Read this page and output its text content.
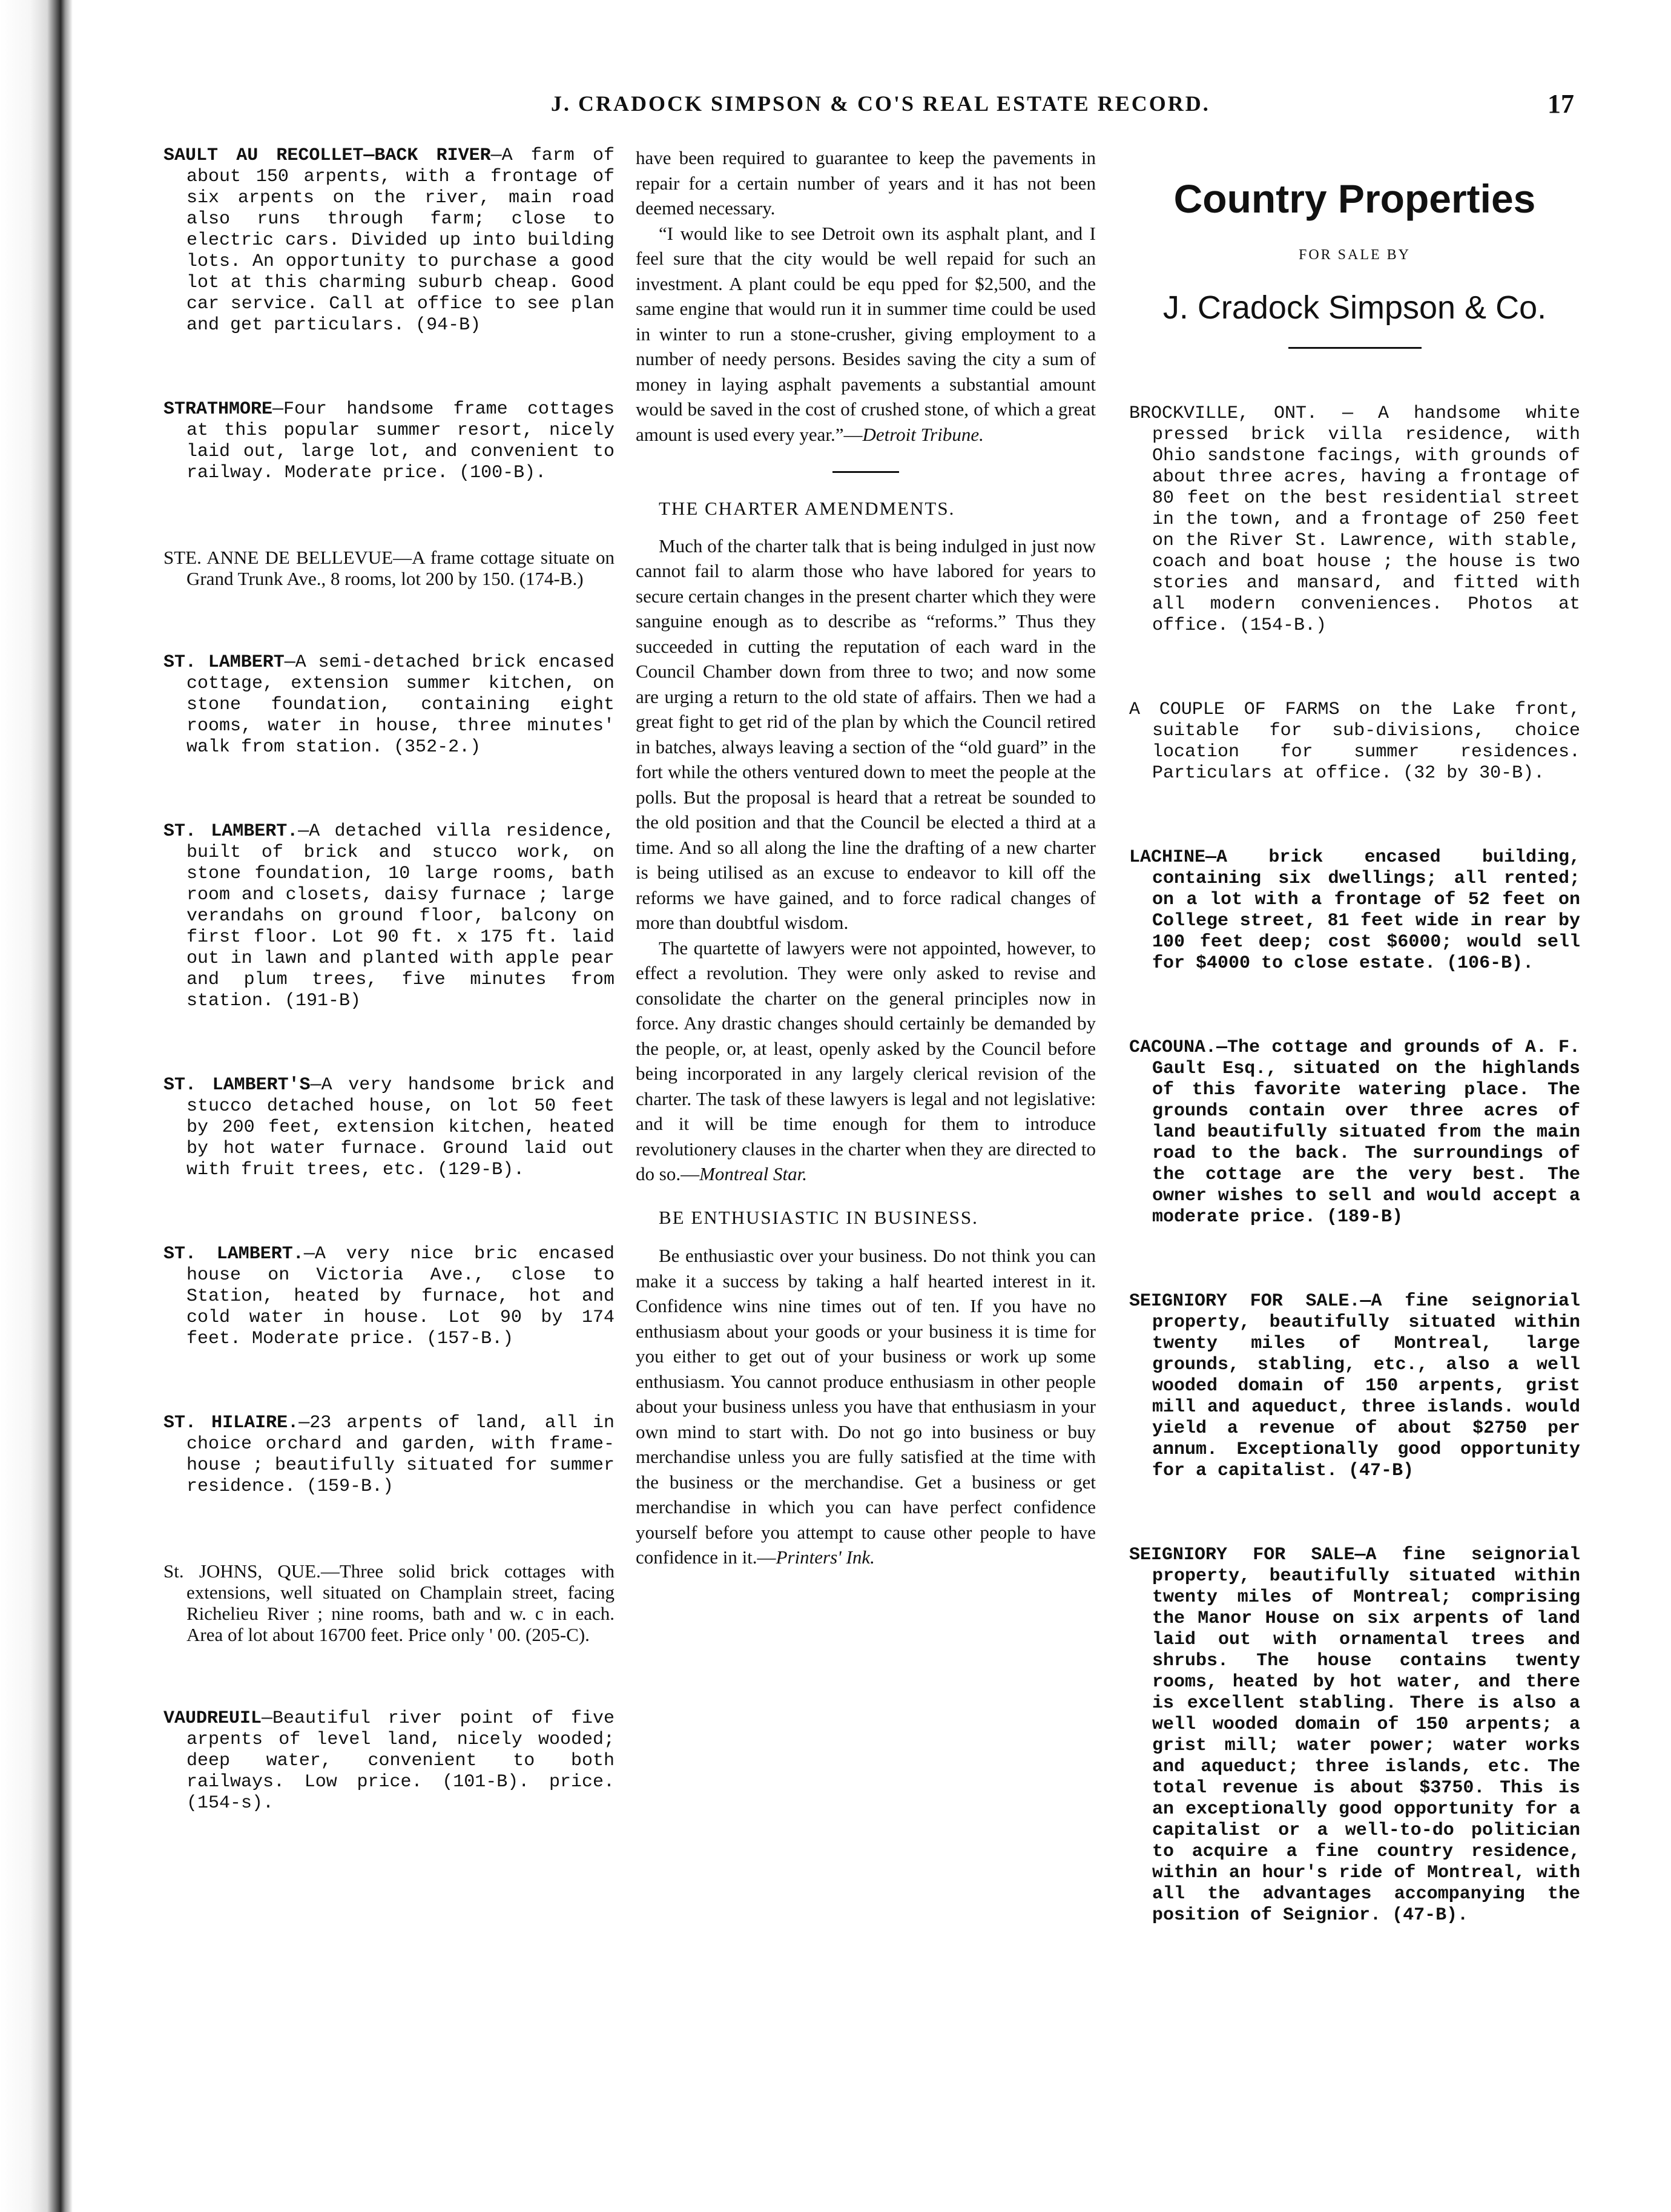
J. CRADOCK SIMPSON & CO'S REAL ESTATE RECORD.	17

SAULT AU RECOLLET—BACK RIVER—A farm of about 150 arpents, with a frontage of six arpents on the river, main road also runs through farm; close to electric cars. Divided up into building lots. An opportunity to purchase a good lot at this charming suburb cheap. Good car service. Call at office to see plan and get particulars. (94-B)

STRATHMORE—Four handsome frame cottages at this popular summer resort, nicely laid out, large lot, and convenient to railway. Moderate price. (100-B).

STE. ANNE DE BELLEVUE—A frame cottage situate on Grand Trunk Ave., 8 rooms, lot 200 by 150. (174-B.)

ST. LAMBERT—A semi-detached brick encased cottage, extension summer kitchen, on stone foundation, containing eight rooms, water in house, three minutes' walk from station. (352-2.)

ST. LAMBERT.—A detached villa residence, built of brick and stucco work, on stone foundation, 10 large rooms, bath room and closets, daisy furnace ; large verandahs on ground floor, balcony on first floor. Lot 90 ft. x 175 ft. laid out in lawn and planted with apple pear and plum trees, five minutes from station. (191-B)

ST. LAMBERT'S—A very handsome brick and stucco detached house, on lot 50 feet by 200 feet, extension kitchen, heated by hot water furnace. Ground laid out with fruit trees, etc. (129-B).

ST. LAMBERT.—A very nice bric encased house on Victoria Ave., close to Station, heated by furnace, hot and cold water in house. Lot 90 by 174 feet. Moderate price. (157-B.)

ST. HILAIRE.—23 arpents of land, all in choice orchard and garden, with frame-house ; beautifully situated for summer residence. (159-B.)

St. JOHNS, QUE.—Three solid brick cottages with extensions, well situated on Champlain street, facing Richelieu River ; nine rooms, bath and w. c in each. Area of lot about 16700 feet. Price only ' 00. (205-C).

VAUDREUIL—Beautiful river point of five arpents of level land, nicely wooded; deep water, convenient to both railways. Low price. (101-B). price. (154-s).

have been required to guarantee to keep the pavements in repair for a certain number of years and it has not been deemed necessary.

“I would like to see Detroit own its asphalt plant, and I feel sure that the city would be well repaid for such an investment. A plant could be equ pped for $2,500, and the same engine that would run it in summer time could be used in winter to run a stone-crusher, giving employment to a number of needy persons. Besides saving the city a sum of money in laying asphalt pavements a substantial amount would be saved in the cost of crushed stone, of which a great amount is used every year.”—Detroit Tribune.

THE CHARTER AMENDMENTS.

Much of the charter talk that is being indulged in just now cannot fail to alarm those who have labored for years to secure certain changes in the present charter which they were sanguine enough as to describe as “reforms.” Thus they succeeded in cutting the reputation of each ward in the Council Chamber down from three to two; and now some are urging a return to the old state of affairs. Then we had a great fight to get rid of the plan by which the Council retired in batches, always leaving a section of the “old guard” in the fort while the others ventured down to meet the people at the polls. But the proposal is heard that a retreat be sounded to the old position and that the Council be elected a third at a time. And so all along the line the drafting of a new charter is being utilised as an excuse to endeavor to kill off the reforms we have gained, and to force radical changes of more than doubtful wisdom.

The quartette of lawyers were not appointed, however, to effect a revolution. They were only asked to revise and consolidate the charter on the general principles now in force. Any drastic changes should certainly be demanded by the people, or, at least, openly asked by the Council before being incorporated in any largely clerical revision of the charter. The task of these lawyers is legal and not legislative: and it will be time enough for them to introduce revolutionery clauses in the charter when they are directed to do so.—Montreal Star.

BE ENTHUSIASTIC IN BUSINESS.

Be enthusiastic over your business. Do not think you can make it a success by taking a half hearted interest in it. Confidence wins nine times out of ten. If you have no enthusiasm about your goods or your business it is time for you either to get out of your business or work up some enthusiasm. You cannot produce enthusiasm in other people about your business unless you have that enthusiasm in your own mind to start with. Do not go into business or buy merchandise unless you are fully satisfied at the time with the business or the merchandise. Get a business or get merchandise in which you can have perfect confidence yourself before you attempt to cause other people to have confidence in it.—Printers' Ink.

Country Properties

FOR SALE BY

J. Cradock Simpson & Co.

BROCKVILLE, ONT. — A handsome white pressed brick villa residence, with Ohio sandstone facings, with grounds of about three acres, having a frontage of 80 feet on the best residential street in the town, and a frontage of 250 feet on the River St. Lawrence, with stable, coach and boat house ; the house is two stories and mansard, and fitted with all modern conveniences. Photos at office. (154-B.)

A COUPLE OF FARMS on the Lake front, suitable for sub-divisions, choice location for summer residences. Particulars at office. (32 by 30-B).

LACHINE—A brick encased building, containing six dwellings; all rented; on a lot with a frontage of 52 feet on College street, 81 feet wide in rear by 100 feet deep; cost $6000; would sell for $4000 to close estate. (106-B).

CACOUNA.—The cottage and grounds of A. F. Gault Esq., situated on the highlands of this favorite watering place. The grounds contain over three acres of land beautifully situated from the main road to the back. The surroundings of the cottage are the very best. The owner wishes to sell and would accept a moderate price. (189-B)

SEIGNIORY FOR SALE.—A fine seignorial property, beautifully situated within twenty miles of Montreal, large grounds, stabling, etc., also a well wooded domain of 150 arpents, grist mill and aqueduct, three islands. would yield a revenue of about $2750 per annum. Exceptionally good opportunity for a capitalist. (47-B)

SEIGNIORY FOR SALE—A fine seignorial property, beautifully situated within twenty miles of Montreal; comprising the Manor House on six arpents of land laid out with ornamental trees and shrubs. The house contains twenty rooms, heated by hot water, and there is excellent stabling. There is also a well wooded domain of 150 arpents; a grist mill; water power; water works and aqueduct; three islands, etc. The total revenue is about $3750. This is an exceptionally good opportunity for a capitalist or a well-to-do politician to acquire a fine country residence, within an hour's ride of Montreal, with all the advantages accompanying the position of Seignior. (47-B).
